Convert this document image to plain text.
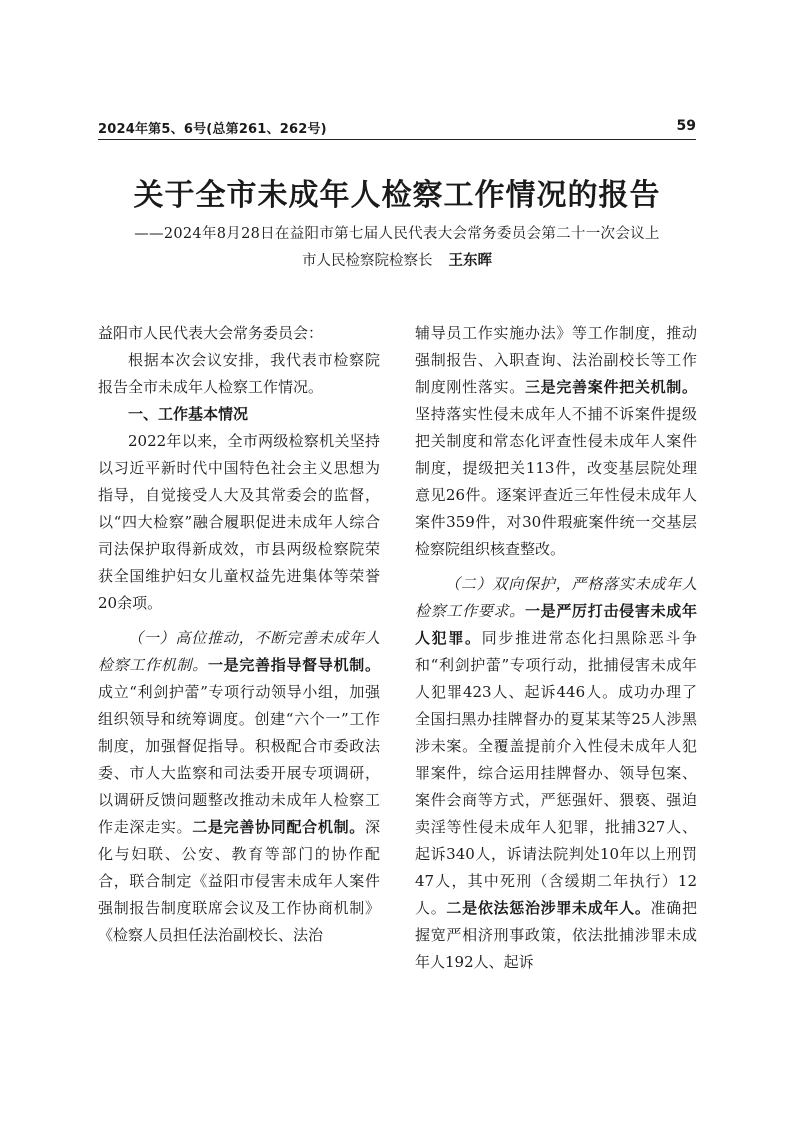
2024年第5、6号(总第261、262号)	59
关于全市未成年人检察工作情况的报告
——2024年8月28日在益阳市第七届人民代表大会常务委员会第二十一次会议上
市人民检察院检察长 王东晖

益阳市人民代表大会常务委员会：

根据本次会议安排，我代表市检察院报告全市未成年人检察工作情况。

一、工作基本情况

2022年以来，全市两级检察机关坚持以习近平新时代中国特色社会主义思想为指导，自觉接受人大及其常委会的监督，以“四大检察”融合履职促进未成年人综合司法保护取得新成效，市县两级检察院荣获全国维护妇女儿童权益先进集体等荣誉20余项。

（一）高位推动，不断完善未成年人检察工作机制。一是完善指导督导机制。成立“利剑护蕾”专项行动领导小组，加强组织领导和统筹调度。创建“六个一”工作制度，加强督促指导。积极配合市委政法委、市人大监察和司法委开展专项调研，以调研反馈问题整改推动未成年人检察工作走深走实。二是完善协同配合机制。深化与妇联、公安、教育等部门的协作配合，联合制定《益阳市侵害未成年人案件强制报告制度联席会议及工作协商机制》《检察人员担任法治副校长、法治

辅导员工作实施办法》等工作制度，推动强制报告、入职查询、法治副校长等工作制度刚性落实。三是完善案件把关机制。坚持落实性侵未成年人不捕不诉案件提级把关制度和常态化评查性侵未成年人案件制度，提级把关113件，改变基层院处理意见26件。逐案评查近三年性侵未成年人案件359件，对30件瑕疵案件统一交基层检察院组织核查整改。

（二）双向保护，严格落实未成年人检察工作要求。一是严厉打击侵害未成年人犯罪。同步推进常态化扫黑除恶斗争和“利剑护蕾”专项行动，批捕侵害未成年人犯罪423人、起诉446人。成功办理了全国扫黑办挂牌督办的夏某某等25人涉黑涉未案。全覆盖提前介入性侵未成年人犯罪案件，综合运用挂牌督办、领导包案、案件会商等方式，严惩强奸、猥亵、强迫卖淫等性侵未成年人犯罪，批捕327人、起诉340人，诉请法院判处10年以上刑罚47人，其中死刑（含缓期二年执行）12人。二是依法惩治涉罪未成年人。准确把握宽严相济刑事政策，依法批捕涉罪未成年人192人、起诉
